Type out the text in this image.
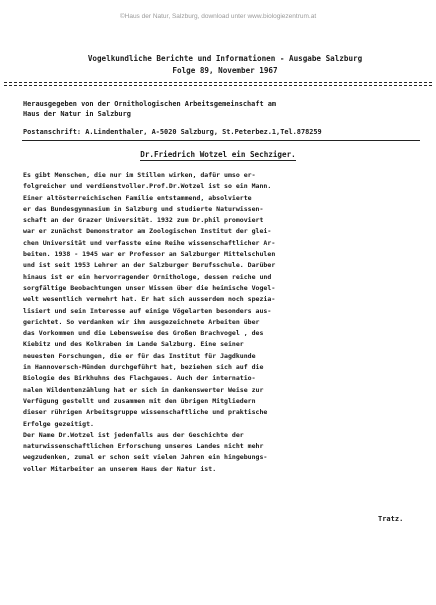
©Haus der Natur, Salzburg, download unter www.biologiezentrum.at
Vogelkundliche Berichte und Informationen - Ausgabe Salzburg
Folge 89, November 1967
Herausgegeben von der Ornithologischen Arbeitsgemeinschaft am
Haus der Natur in Salzburg
Postanschrift: A.Lindenthaler, A-5020 Salzburg, St.Peterbez.1,Tel.878259
Dr.Friedrich Wotzel ein Sechziger.
Es gibt Menschen, die nur im Stillen wirken, dafür umso er-
folgreicher und verdienstvoller.Prof.Dr.Wotzel ist so ein Mann.
Einer altösterreichischen Familie entstammend, absolvierte
er das Bundesgymnasium in Salzburg und studierte Naturwissen-
schaft an der Grazer Universität. 1932 zum Dr.phil promoviert
war er zunächst Demonstrator am Zoologischen Institut der glei-
chen Universität und verfasste eine Reihe wissenschaftlicher Ar-
beiten. 1938 - 1945 war er Professor an Salzburger Mittelschulen
und ist seit 1953 Lehrer an der Salzburger Berufsschule. Darüber
hinaus ist er ein hervorragender Ornithologe, dessen reiche und
sorgfältige Beobachtungen unser Wissen über die heimische Vogel-
welt wesentlich vermehrt hat. Er hat sich ausserdem noch spezia-
lisiert und sein Interesse auf einige Vögelarten besonders aus-
gerichtet. So verdanken wir ihm ausgezeichnete Arbeiten über
das Vorkommen und die Lebensweise des Großen Brachvogel , des
Kiebitz und des Kolkraben im Lande Salzburg. Eine seiner
neuesten Forschungen, die er für das Institut für Jagdkunde
in Hannoversch-Münden durchgeführt hat, beziehen sich auf die
Biologie des Birkhuhns des Flachgaues. Auch der internatio-
nalen Wildentenzählung hat er sich in dankenswerter Weise zur
Verfügung gestellt und zusammen mit den übrigen Mitgliedern
dieser rührigen Arbeitsgruppe wissenschaftliche und praktische
Erfolge gezeitigt.
Der Name Dr.Wotzel ist jedenfalls aus der Geschichte der
naturwissenschaftlichen Erforschung unseres Landes nicht mehr
wegzudenken, zumal er schon seit vielen Jahren ein hingebungs-
voller Mitarbeiter an unserem Haus der Natur ist.
Tratz.
